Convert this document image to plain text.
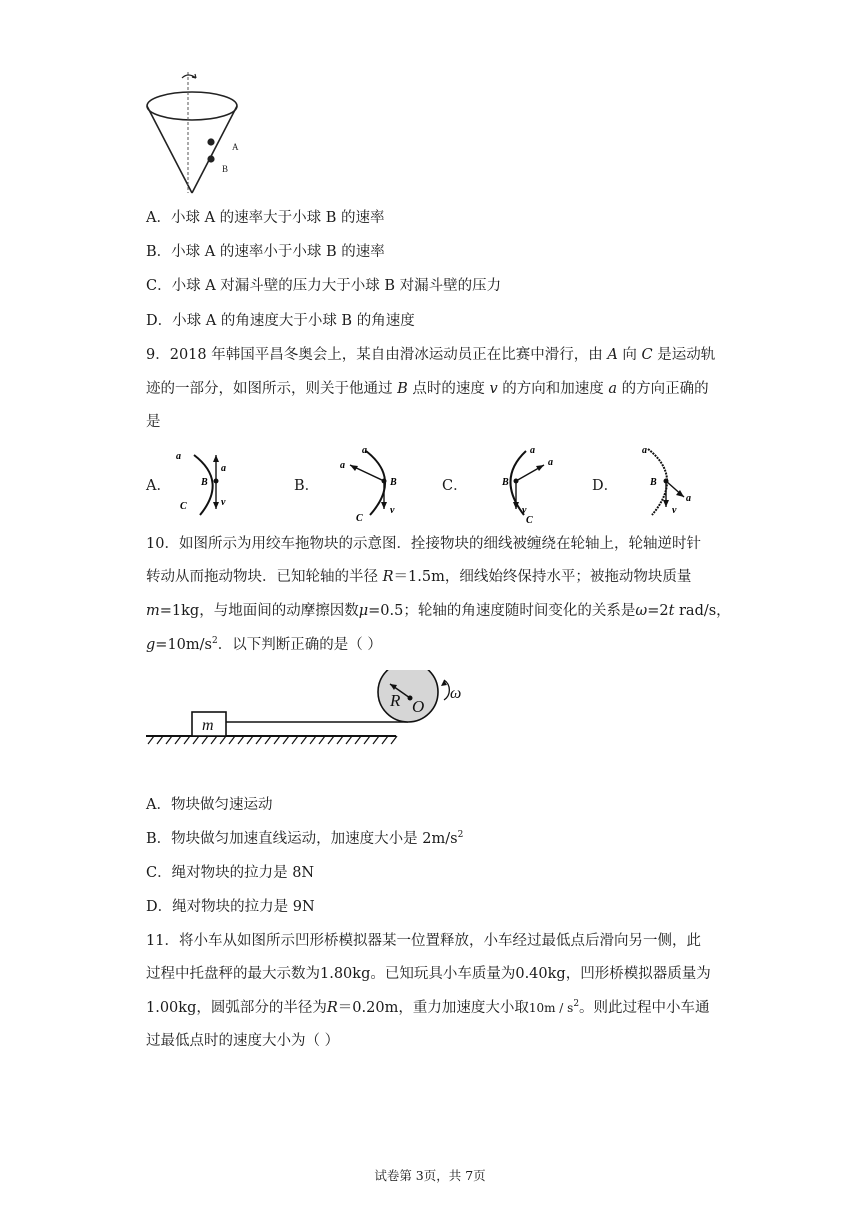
A
B
A．小球 A 的速率大于小球 B 的速率
B．小球 A 的速率小于小球 B 的速率
C．小球 A 对漏斗壁的压力大于小球 B 对漏斗壁的压力
D．小球 A 的角速度大于小球 B 的角速度
9．2018 年韩国平昌冬奥会上，某自由滑冰运动员正在比赛中滑行，由 A 向 C 是运动轨
迹的一部分，如图所示，则关于他通过 B 点时的速度 v 的方向和加速度 a 的方向正确的
是
A．
a
B
C
a
v
B．
a
B
C
a
v
C．
a
B
C
a
v
D．
a
B
a
v
10．如图所示为用绞车拖物块的示意图．拴接物块的细线被缠绕在轮轴上，轮轴逆时针
转动从而拖动物块．已知轮轴的半径 R＝1.5m，细线始终保持水平；被拖动物块质量
m=1kg，与地面间的动摩擦因数μ=0.5；轮轴的角速度随时间变化的关系是ω=2t rad/s，
$g=10m/s^2$．以下判断正确的是（ ）
m
R O
ω
A．物块做匀速运动
B．物块做匀加速直线运动，加速度大小是 $2m/s^2$
C．绳对物块的拉力是 8N
D．绳对物块的拉力是 9N
11．将小车从如图所示凹形桥模拟器某一位置释放，小车经过最低点后滑向另一侧，此
过程中托盘秤的最大示数为1.80kg。已知玩具小车质量为0.40kg，凹形桥模拟器质量为
1.00kg，圆弧部分的半径为R＝0.20m，重力加速度大小取$10m / s^2$。则此过程中小车通
过最低点时的速度大小为（ ）
试卷第 3页，共 7页
